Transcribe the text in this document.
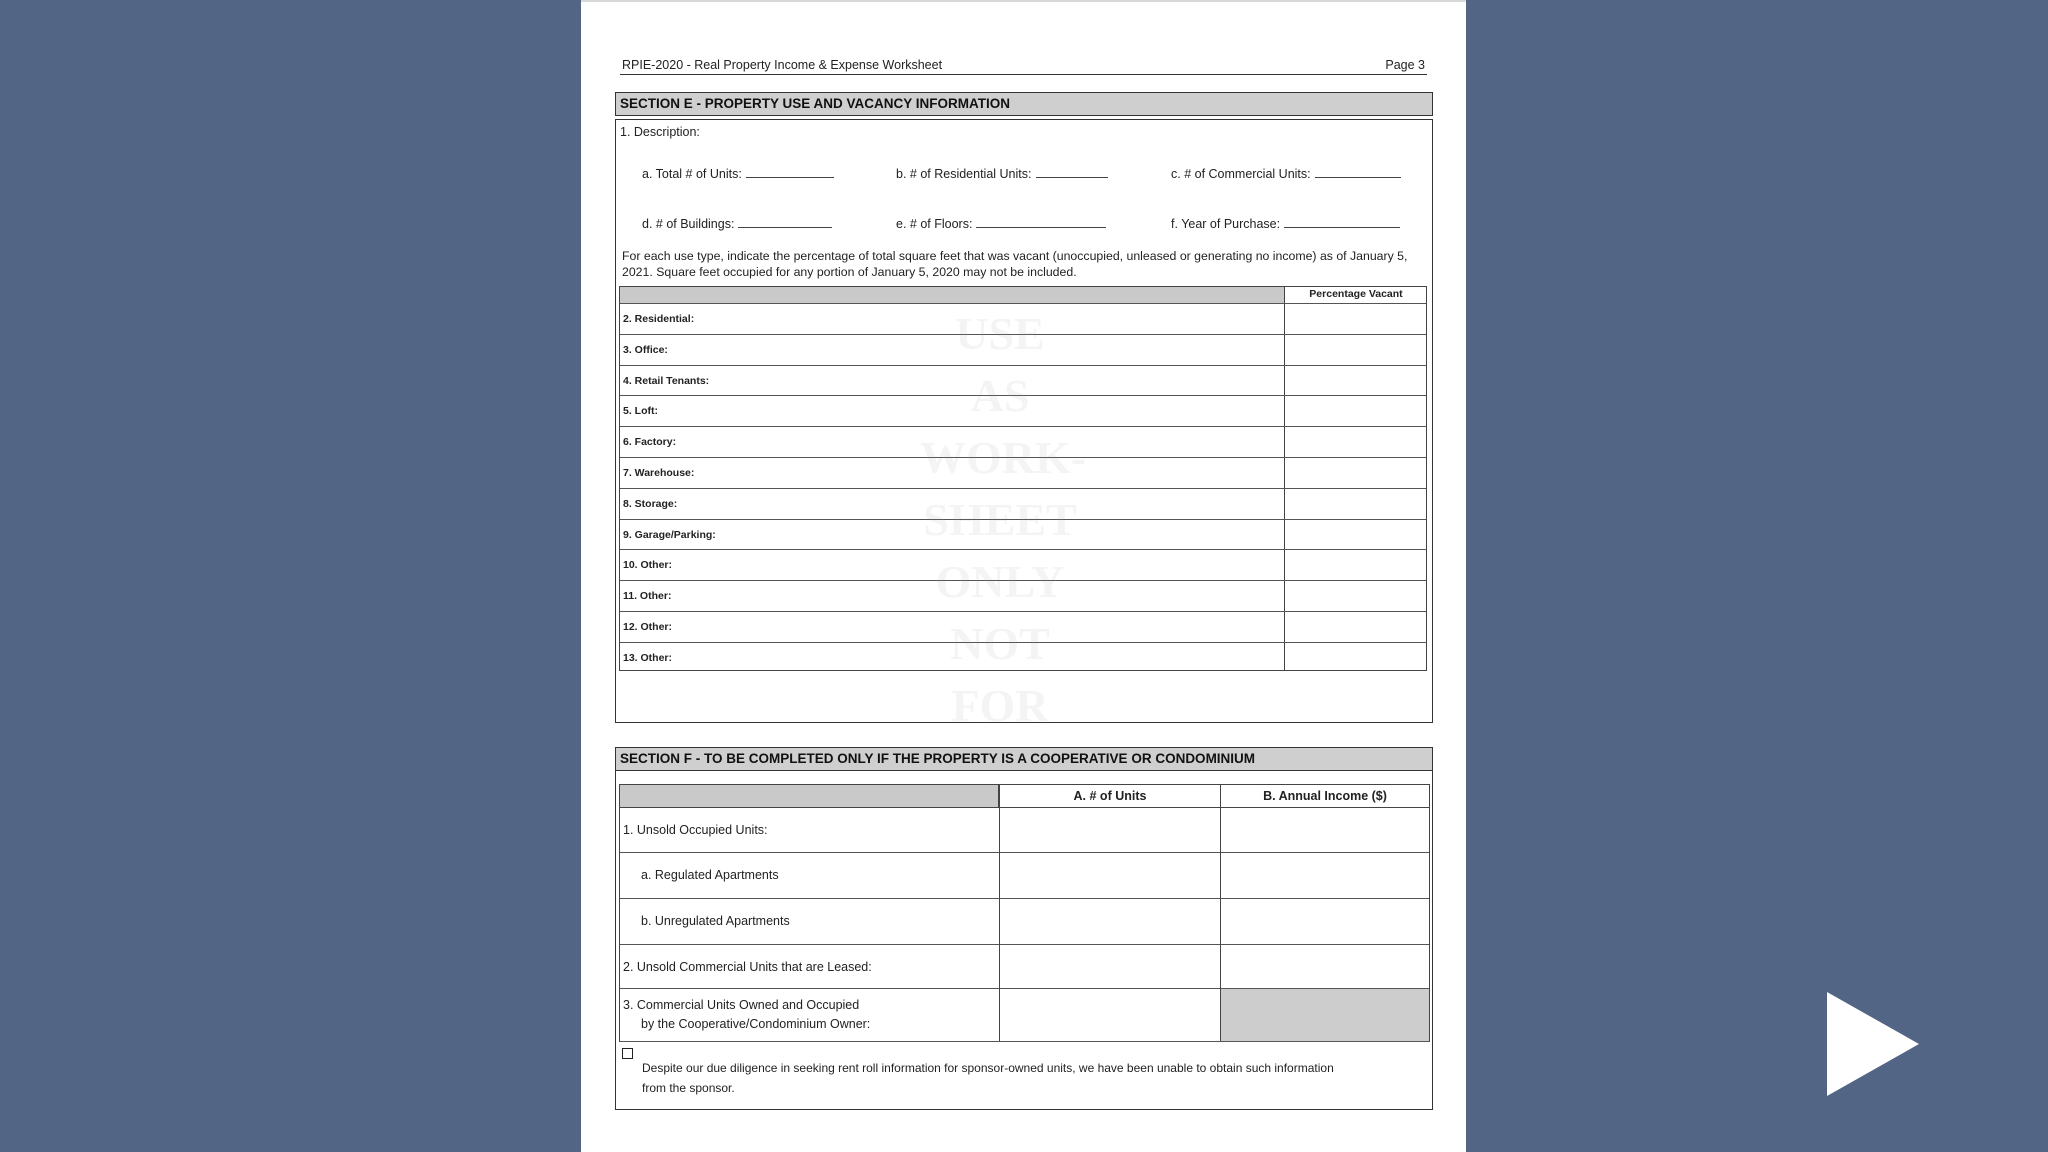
RPIE-2020 - Real Property Income & Expense Worksheet	Page 3
SECTION E - PROPERTY USE AND VACANCY INFORMATION
1. Description:
a. Total # of Units:	b. # of Residential Units:	c. # of Commercial Units:
d. # of Buildings:	e. # of Floors:	f. Year of Purchase:
For each use type, indicate the percentage of total square feet that was vacant (unoccupied, unleased or generating no income) as of January 5, 2021. Square feet occupied for any portion of January 5, 2020 may not be included.
Percentage Vacant
2. Residential:
3. Office:
4. Retail Tenants:
5. Loft:
6. Factory:
7. Warehouse:
8. Storage:
9. Garage/Parking:
10. Other:
11. Other:
12. Other:
13. Other:
USE
AS
WORK-
SHEET
ONLY
NOT
FOR
SECTION F - TO BE COMPLETED ONLY IF THE PROPERTY IS A COOPERATIVE OR CONDOMINIUM
A. # of Units	B. Annual Income ($)
1. Unsold Occupied Units:
a. Regulated Apartments
b. Unregulated Apartments
2. Unsold Commercial Units that are Leased:
3. Commercial Units Owned and Occupied
by the Cooperative/Condominium Owner:
Despite our due diligence in seeking rent roll information for sponsor-owned units, we have been unable to obtain such information
from the sponsor.
